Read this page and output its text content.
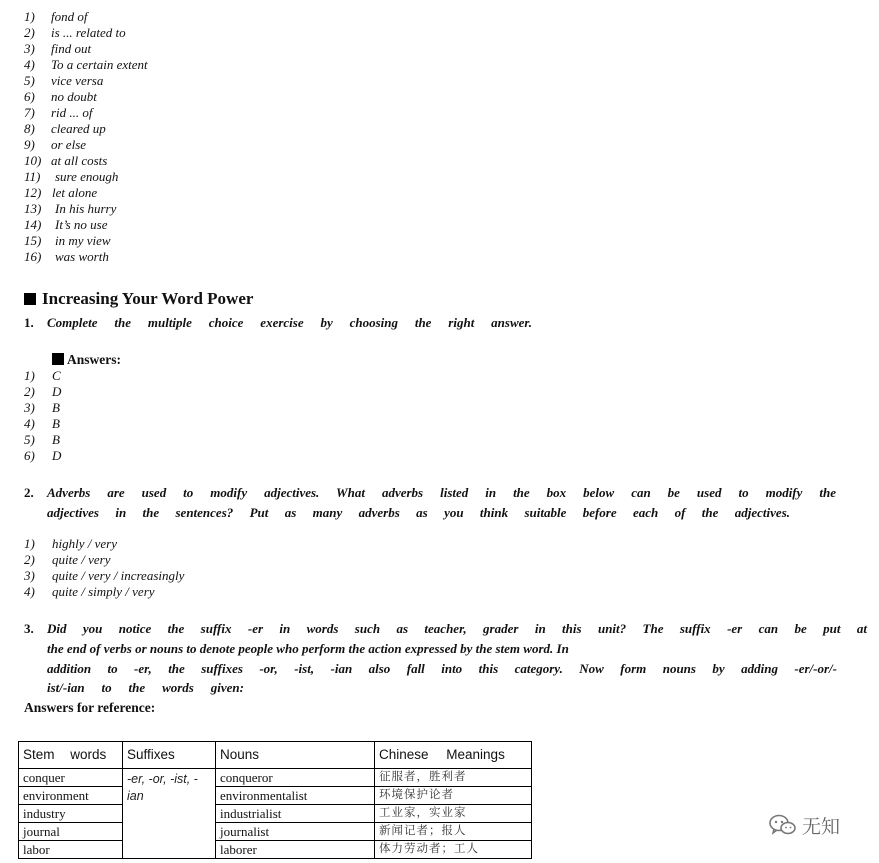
1) fond of
2) is ... related to
3) find out
4) To a certain extent
5) vice versa
6) no doubt
7) rid ... of
8) cleared up
9) or else
10) at all costs
11) sure enough
12) let alone
13) In his hurry
14) It’s no use
15) in my view
16) was worth
Increasing Your Word Power
1. Complete the multiple choice exercise by choosing the right answer.
Answers:
1) C
2) D
3) B
4) B
5) B
6) D
2. Adverbs are used to modify adjectives. What adverbs listed in the box below can be used to modify the
adjectives in the sentences? Put as many adverbs as you think suitable before each of the adjectives.
1) highly / very
2) quite / very
3) quite / very / increasingly
4) quite / simply / very
3. Did you notice the suffix -er in words such as teacher, grader in this unit? The suffix -er can be put at
the end of verbs or nouns to denote people who perform the action expressed by the stem word. In
addition to -er, the suffixes -or, -ist, -ian also fall into this category. Now form nouns by adding -er/-or/-
ist/-ian to the words given:
Answers for reference:
Stem words	Suffixes	Nouns	Chinese Meanings
conquer	-er, -or, -ist, -ian	conqueror	征服者，胜利者
environment		environmentalist	环境保护论者
industry		industrialist	工业家，实业家
journal		journalist	新闻记者；报人
labor		laborer	体力劳动者；工人
无知
